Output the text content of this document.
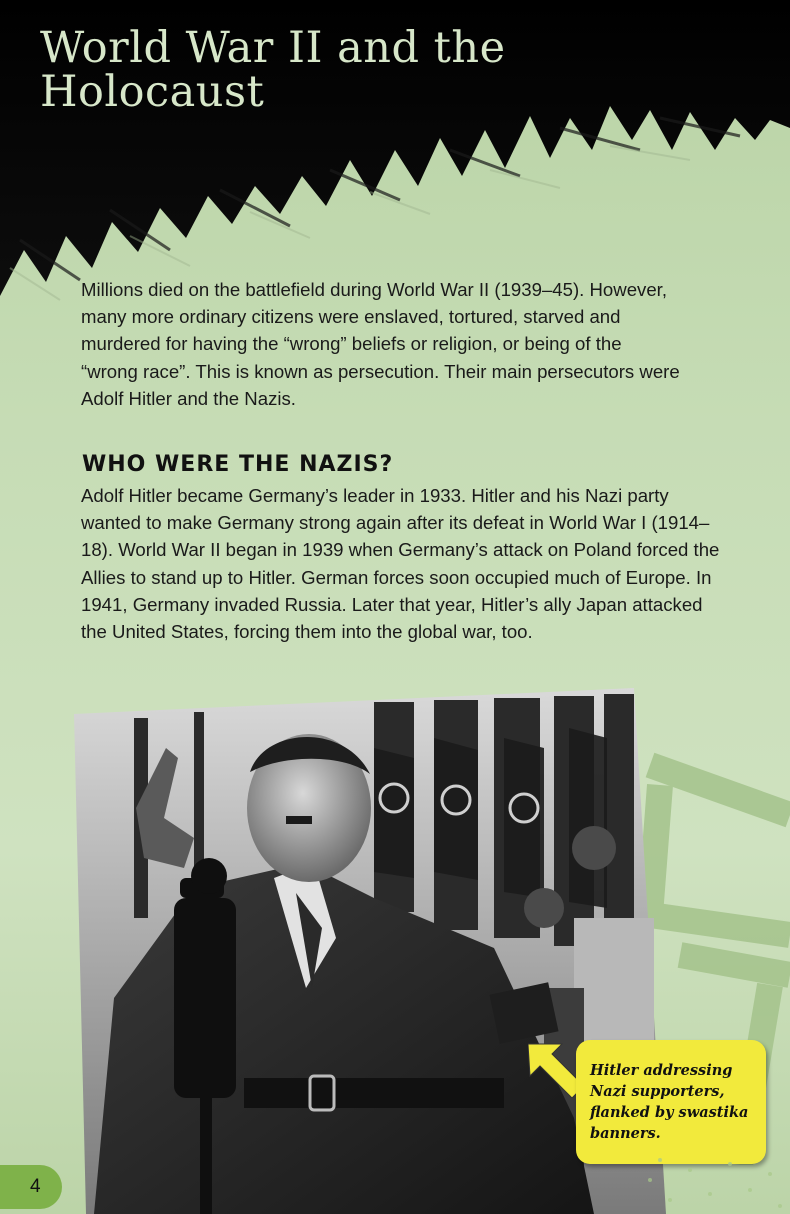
World War II and the
Holocaust

Millions died on the battlefield during World War II (1939–45). However, many more ordinary citizens were enslaved, tortured, starved and murdered for having the “wrong” beliefs or religion, or being of the “wrong race”. This is known as persecution. Their main persecutors were Adolf Hitler and the Nazis.

WHO WERE THE NAZIS?

Adolf Hitler became Germany’s leader in 1933. Hitler and his Nazi party wanted to make Germany strong again after its defeat in World War I (1914–18). World War II began in 1939 when Germany’s attack on Poland forced the Allies to stand up to Hitler. German forces soon occupied much of Europe. In 1941, Germany invaded Russia. Later that year, Hitler’s ally Japan attacked the United States, forcing them into the global war, too.

Hitler addressing Nazi supporters, flanked by swastika banners.

4
